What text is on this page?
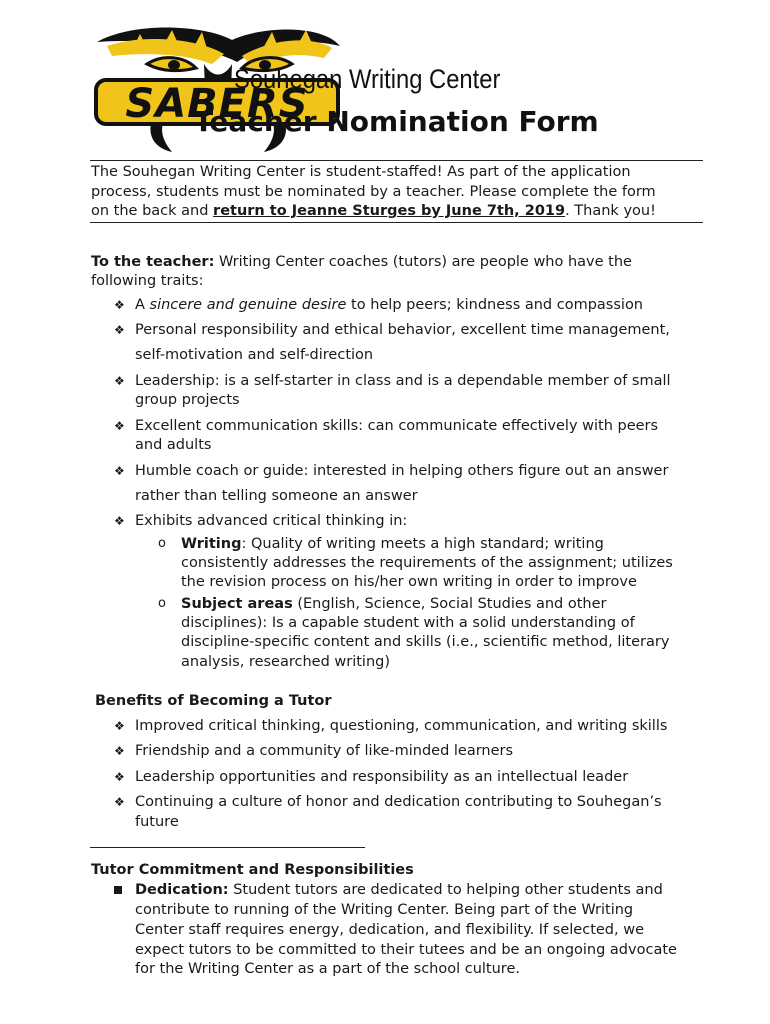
SABERS
Souhegan Writing Center
Teacher Nomination Form
The Souhegan Writing Center is student-staffed! As part of the application
process, students must be nominated by a teacher. Please complete the form
on the back and return to Jeanne Sturges by June 7th, 2019. Thank you!
To the teacher: Writing Center coaches (tutors) are people who have the
following traits:
❖ A sincere and genuine desire to help peers; kindness and compassion
❖ Personal responsibility and ethical behavior, excellent time management,
self-motivation and self-direction
❖ Leadership: is a self-starter in class and is a dependable member of small
group projects
❖ Excellent communication skills: can communicate effectively with peers
and adults
❖ Humble coach or guide: interested in helping others figure out an answer
rather than telling someone an answer
❖ Exhibits advanced critical thinking in:
o Writing: Quality of writing meets a high standard; writing
consistently addresses the requirements of the assignment; utilizes
the revision process on his/her own writing in order to improve
o Subject areas (English, Science, Social Studies and other
disciplines): Is a capable student with a solid understanding of
discipline-specific content and skills (i.e., scientific method, literary
analysis, researched writing)
Benefits of Becoming a Tutor
❖ Improved critical thinking, questioning, communication, and writing skills
❖ Friendship and a community of like-minded learners
❖ Leadership opportunities and responsibility as an intellectual leader
❖ Continuing a culture of honor and dedication contributing to Souhegan’s
future
Tutor Commitment and Responsibilities
Dedication: Student tutors are dedicated to helping other students and
contribute to running of the Writing Center. Being part of the Writing
Center staff requires energy, dedication, and flexibility. If selected, we
expect tutors to be committed to their tutees and be an ongoing advocate
for the Writing Center as a part of the school culture.
